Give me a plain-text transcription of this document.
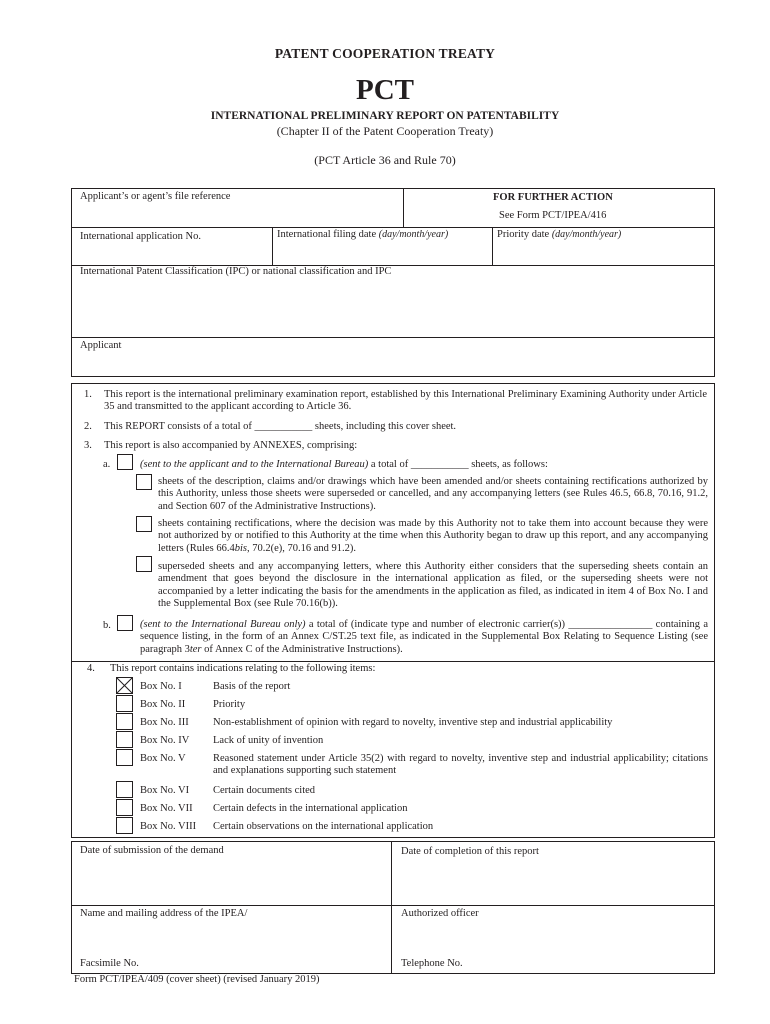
PATENT COOPERATION TREATY
PCT
INTERNATIONAL PRELIMINARY REPORT ON PATENTABILITY
(Chapter II of the Patent Cooperation Treaty)
(PCT Article 36 and Rule 70)
Applicant’s or agent’s file reference	FOR FURTHER ACTION
See Form PCT/IPEA/416
International application No.	International filing date (day/month/year)	Priority date (day/month/year)
International Patent Classification (IPC) or national classification and IPC
Applicant
1. This report is the international preliminary examination report, established by this International Preliminary Examining Authority under Article 35 and transmitted to the applicant according to Article 36.
2. This REPORT consists of a total of ___________ sheets, including this cover sheet.
3. This report is also accompanied by ANNEXES, comprising:
a.	(sent to the applicant and to the International Bureau) a total of ___________ sheets, as follows:
sheets of the description, claims and/or drawings which have been amended and/or sheets containing rectifications authorized by this Authority, unless those sheets were superseded or cancelled, and any accompanying letters (see Rules 46.5, 66.8, 70.16, 91.2, and Section 607 of the Administrative Instructions).
sheets containing rectifications, where the decision was made by this Authority not to take them into account because they were not authorized by or notified to this Authority at the time when this Authority began to draw up this report, and any accompanying letters (Rules 66.4bis, 70.2(e), 70.16 and 91.2).
superseded sheets and any accompanying letters, where this Authority either considers that the superseding sheets contain an amendment that goes beyond the disclosure in the international application as filed, or the superseding sheets were not accompanied by a letter indicating the basis for the amendments in the application as filed, as indicated in item 4 of Box No. I and the Supplemental Box (see Rule 70.16(b)).
b.	(sent to the International Bureau only) a total of (indicate type and number of electronic carrier(s)) ________________ containing a sequence listing, in the form of an Annex C/ST.25 text file, as indicated in the Supplemental Box Relating to Sequence Listing (see paragraph 3ter of Annex C of the Administrative Instructions).
4. This report contains indications relating to the following items:
Box No. I	Basis of the report
Box No. II	Priority
Box No. III Non-establishment of opinion with regard to novelty, inventive step and industrial applicability
Box No. IV Lack of unity of invention
Box No. V	Reasoned statement under Article 35(2) with regard to novelty, inventive step and industrial applicability; citations and explanations supporting such statement
Box No. VI Certain documents cited
Box No. VII Certain defects in the international application
Box No. VIII Certain observations on the international application
Date of submission of the demand	Date of completion of this report
Name and mailing address of the IPEA/	Authorized officer
Facsimile No.	Telephone No.
Form PCT/IPEA/409 (cover sheet) (revised January 2019)
